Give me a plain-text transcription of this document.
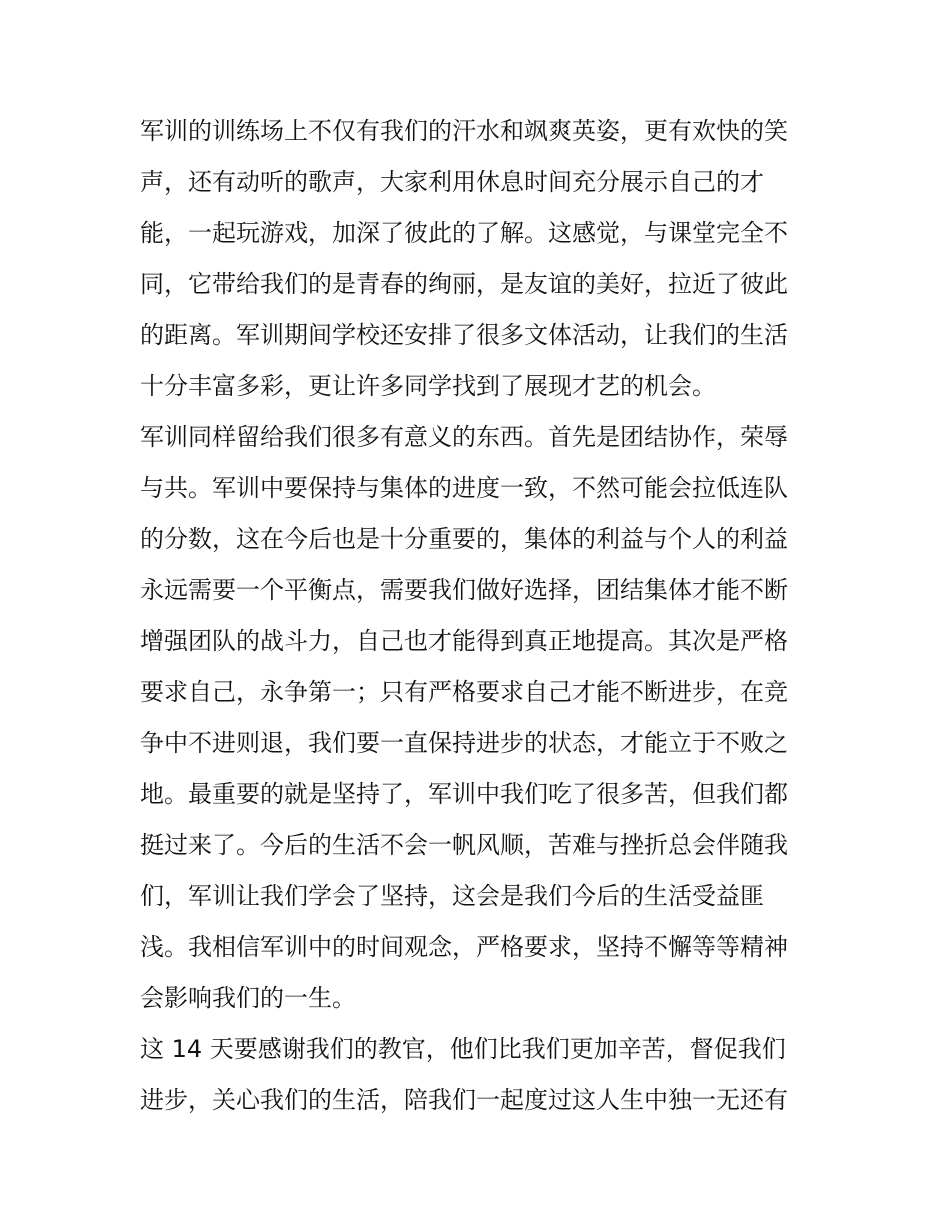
军训的训练场上不仅有我们的汗水和飒爽英姿，更有欢快的笑
声，还有动听的歌声，大家利用休息时间充分展示自己的才
能，一起玩游戏，加深了彼此的了解。这感觉，与课堂完全不
同，它带给我们的是青春的绚丽，是友谊的美好，拉近了彼此
的距离。军训期间学校还安排了很多文体活动，让我们的生活
十分丰富多彩，更让许多同学找到了展现才艺的机会。
军训同样留给我们很多有意义的东西。首先是团结协作，荣辱
与共。军训中要保持与集体的进度一致，不然可能会拉低连队
的分数，这在今后也是十分重要的，集体的利益与个人的利益
永远需要一个平衡点，需要我们做好选择，团结集体才能不断
增强团队的战斗力，自己也才能得到真正地提高。其次是严格
要求自己，永争第一；只有严格要求自己才能不断进步，在竞
争中不进则退，我们要一直保持进步的状态，才能立于不败之
地。最重要的就是坚持了，军训中我们吃了很多苦，但我们都
挺过来了。今后的生活不会一帆风顺，苦难与挫折总会伴随我
们，军训让我们学会了坚持，这会是我们今后的生活受益匪
浅。我相信军训中的时间观念，严格要求，坚持不懈等等精神
会影响我们的一生。
这 14 天要感谢我们的教官，他们比我们更加辛苦，督促我们
进步，关心我们的生活，陪我们一起度过这人生中独一无还有
